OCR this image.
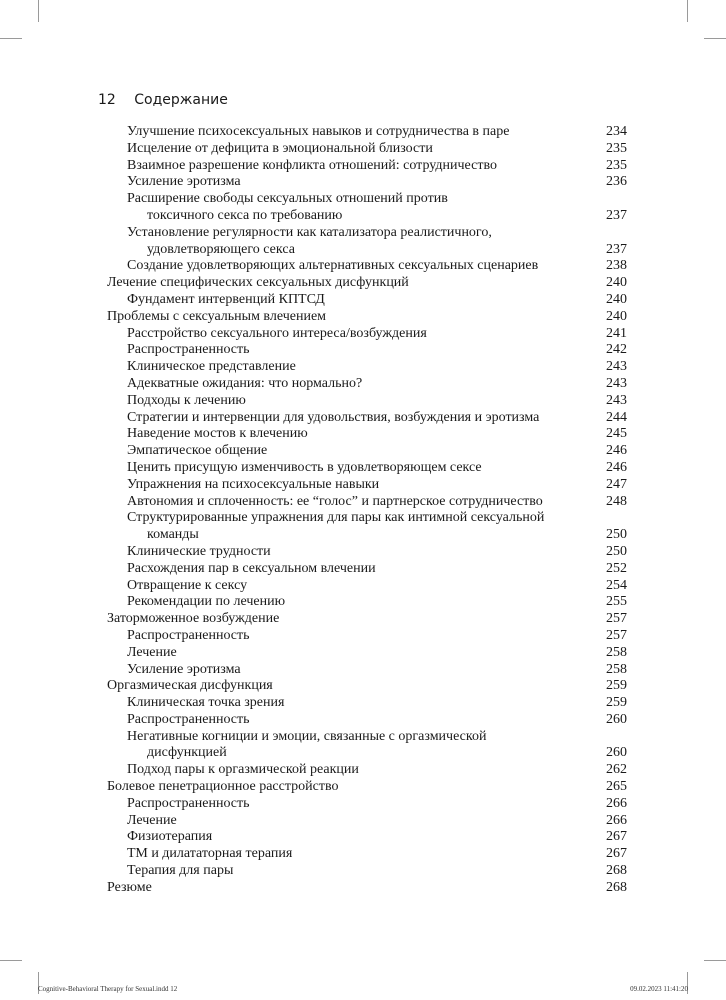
12 Содержание
Улучшение психосексуальных навыков и сотрудничества в паре	234
Исцеление от дефицита в эмоциональной близости	235
Взаимное разрешение конфликта отношений: сотрудничество	235
Усиление эротизма	236
Расширение свободы сексуальных отношений против
токсичного секса по требованию	237
Установление регулярности как катализатора реалистичного,
удовлетворяющего секса	237
Создание удовлетворяющих альтернативных сексуальных сценариев	238
Лечение специфических сексуальных дисфункций	240
Фундамент интервенций КПТСД	240
Проблемы с сексуальным влечением	240
Расстройство сексуального интереса/возбуждения	241
Распространенность	242
Клиническое представление	243
Адекватные ожидания: что нормально?	243
Подходы к лечению	243
Стратегии и интервенции для удовольствия, возбуждения и эротизма	244
Наведение мостов к влечению	245
Эмпатическое общение	246
Ценить присущую изменчивость в удовлетворяющем сексе	246
Упражнения на психосексуальные навыки	247
Автономия и сплоченность: ее “голос” и партнерское сотрудничество	248
Структурированные упражнения для пары как интимной сексуальной
команды	250
Клинические трудности	250
Расхождения пар в сексуальном влечении	252
Отвращение к сексу	254
Рекомендации по лечению	255
Заторможенное возбуждение	257
Распространенность	257
Лечение	258
Усиление эротизма	258
Оргазмическая дисфункция	259
Клиническая точка зрения	259
Распространенность	260
Негативные когниции и эмоции, связанные с оргазмической
дисфункцией	260
Подход пары к оргазмической реакции	262
Болевое пенетрационное расстройство	265
Распространенность	266
Лечение	266
Физиотерапия	267
ТМ и дилататорная терапия	267
Терапия для пары	268
Резюме	268
Cognitive-Behavioral Therapy for Sexual.indd 12	09.02.2023 11:41:20
